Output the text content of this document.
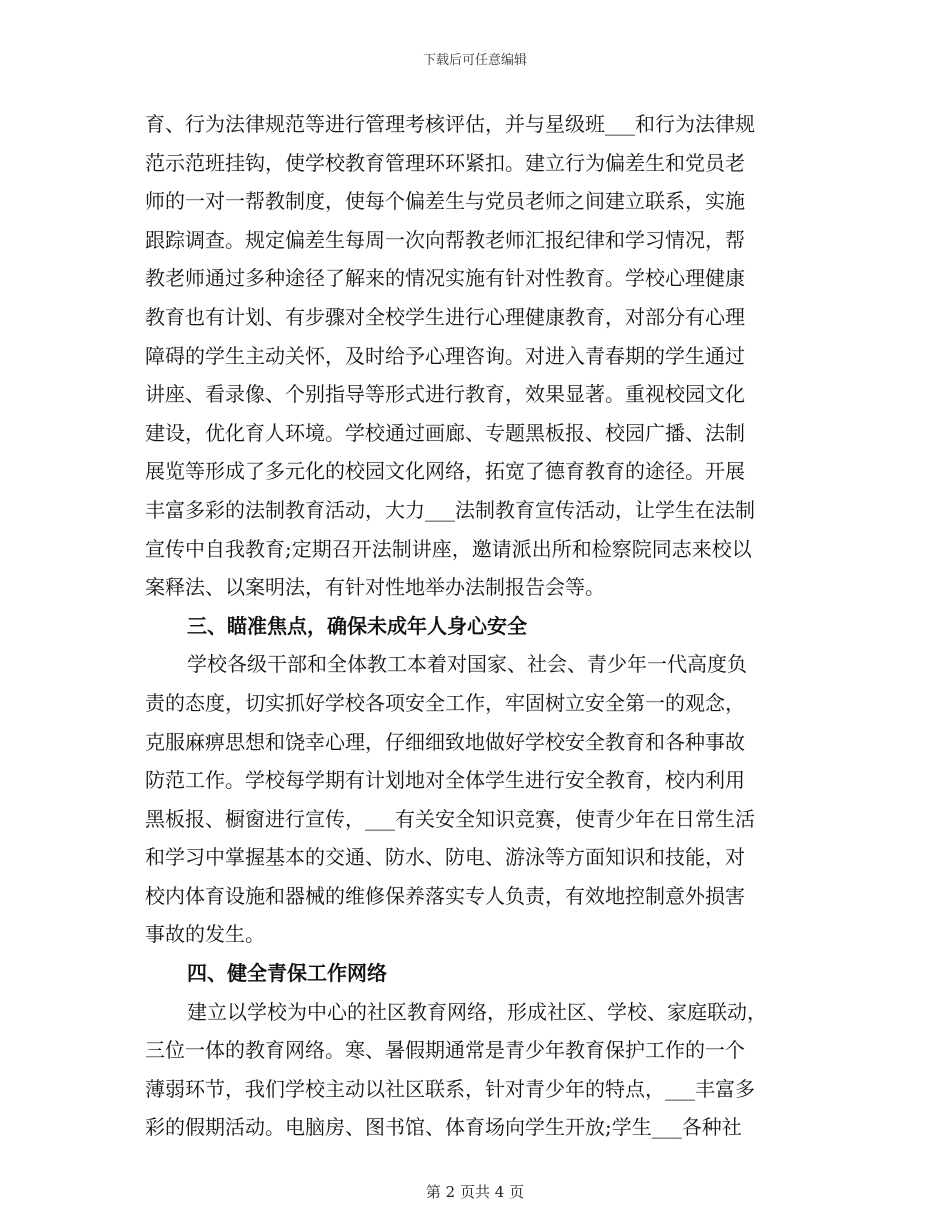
下载后可任意编辑
育、行为法律规范等进行管理考核评估，并与星级班___和行为法律规
范示范班挂钩，使学校教育管理环环紧扣。建立行为偏差生和党员老
师的一对一帮教制度，使每个偏差生与党员老师之间建立联系，实施
跟踪调查。规定偏差生每周一次向帮教老师汇报纪律和学习情况，帮
教老师通过多种途径了解来的情况实施有针对性教育。学校心理健康
教育也有计划、有步骤对全校学生进行心理健康教育，对部分有心理
障碍的学生主动关怀，及时给予心理咨询。对进入青春期的学生通过
讲座、看录像、个别指导等形式进行教育，效果显著。重视校园文化
建设，优化育人环境。学校通过画廊、专题黑板报、校园广播、法制
展览等形成了多元化的校园文化网络，拓宽了德育教育的途径。开展
丰富多彩的法制教育活动，大力___法制教育宣传活动，让学生在法制
宣传中自我教育;定期召开法制讲座，邀请派出所和检察院同志来校以
案释法、以案明法，有针对性地举办法制报告会等。
三、瞄准焦点，确保未成年人身心安全
学校各级干部和全体教工本着对国家、社会、青少年一代高度负
责的态度，切实抓好学校各项安全工作，牢固树立安全第一的观念，
克服麻痹思想和饶幸心理，仔细细致地做好学校安全教育和各种事故
防范工作。学校每学期有计划地对全体学生进行安全教育，校内利用
黑板报、橱窗进行宣传，___有关安全知识竞赛，使青少年在日常生活
和学习中掌握基本的交通、防水、防电、游泳等方面知识和技能，对
校内体育设施和器械的维修保养落实专人负责，有效地控制意外损害
事故的发生。
四、健全青保工作网络
建立以学校为中心的社区教育网络，形成社区、学校、家庭联动，
三位一体的教育网络。寒、暑假期通常是青少年教育保护工作的一个
薄弱环节，我们学校主动以社区联系，针对青少年的特点，___丰富多
彩的假期活动。电脑房、图书馆、体育场向学生开放;学生___各种社
第 2 页共 4 页
